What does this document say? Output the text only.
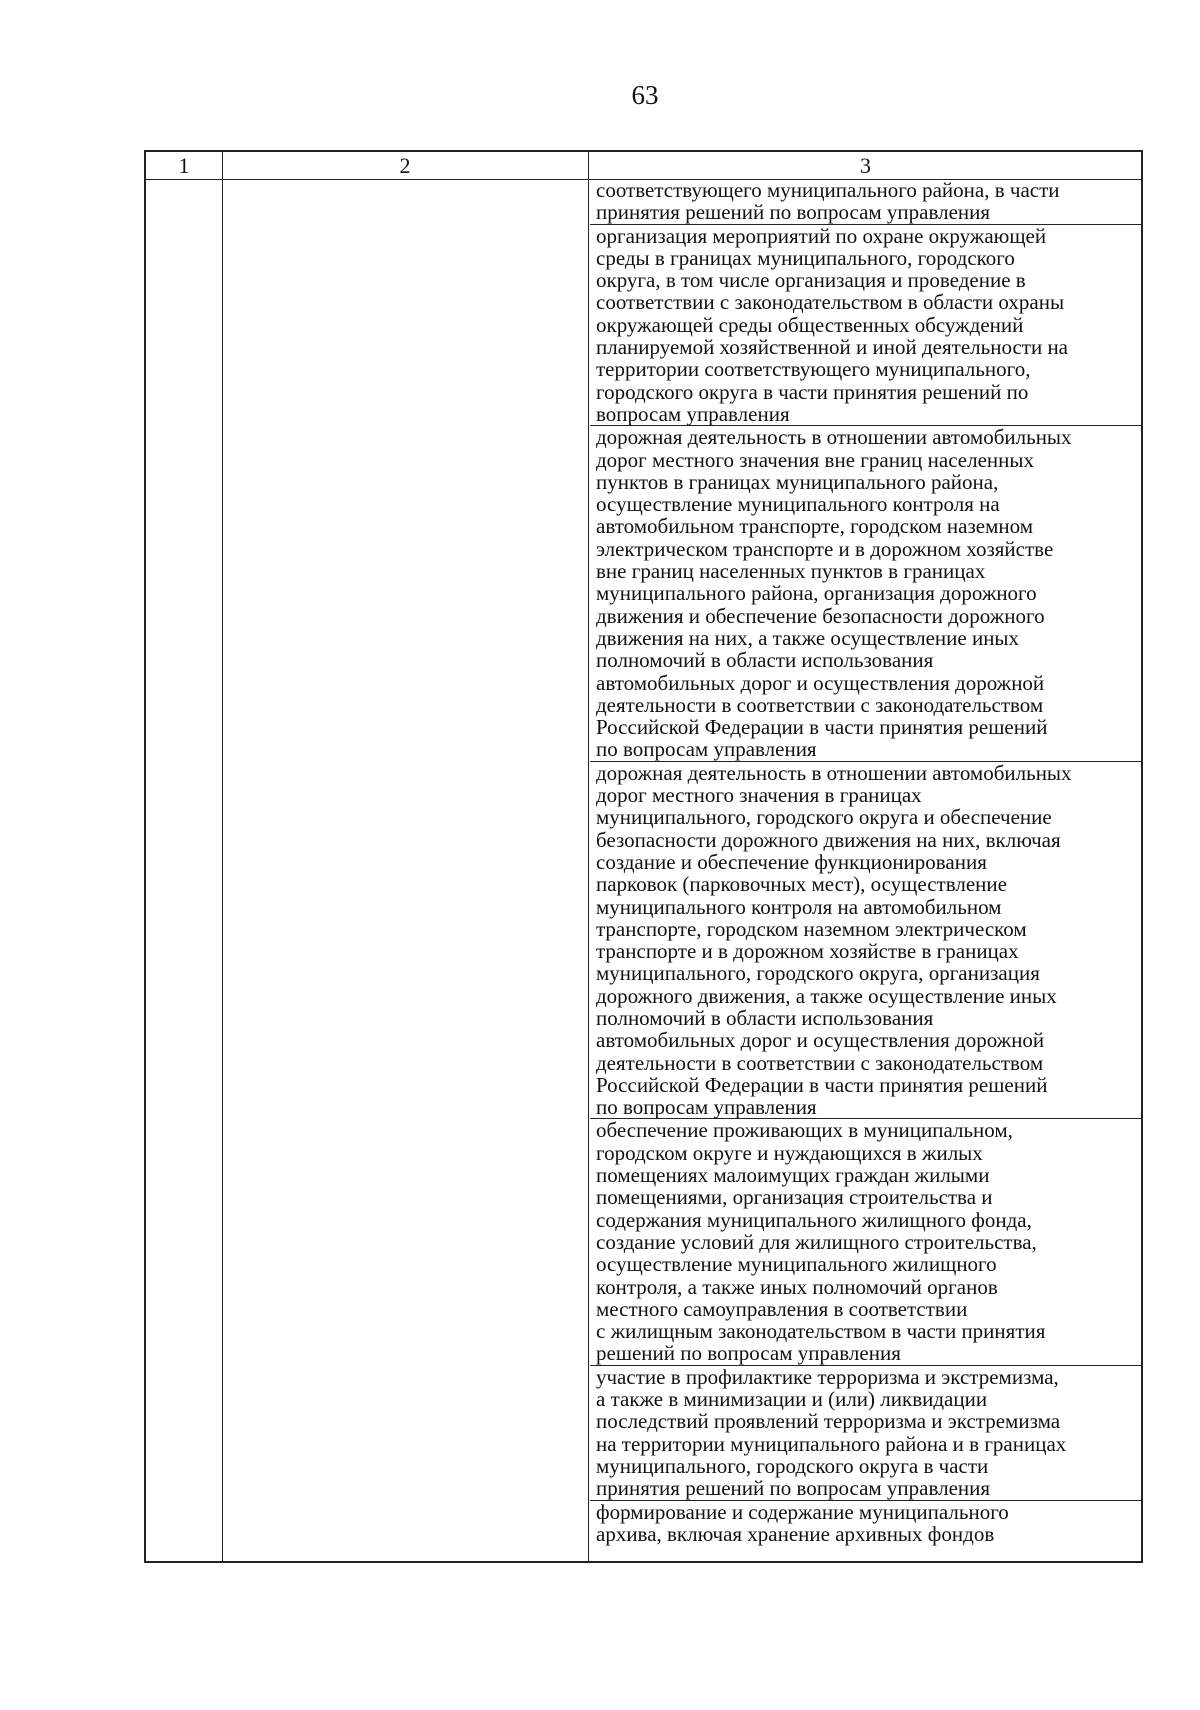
63
1	2	3
соответствующего муниципального района, в части
принятия решений по вопросам управления
организация мероприятий по охране окружающей
среды в границах муниципального, городского
округа, в том числе организация и проведение в
соответствии с законодательством в области охраны
окружающей среды общественных обсуждений
планируемой хозяйственной и иной деятельности на
территории соответствующего муниципального,
городского округа в части принятия решений по
вопросам управления
дорожная деятельность в отношении автомобильных
дорог местного значения вне границ населенных
пунктов в границах муниципального района,
осуществление муниципального контроля на
автомобильном транспорте, городском наземном
электрическом транспорте и в дорожном хозяйстве
вне границ населенных пунктов в границах
муниципального района, организация дорожного
движения и обеспечение безопасности дорожного
движения на них, а также осуществление иных
полномочий в области использования
автомобильных дорог и осуществления дорожной
деятельности в соответствии с законодательством
Российской Федерации в части принятия решений
по вопросам управления
дорожная деятельность в отношении автомобильных
дорог местного значения в границах
муниципального, городского округа и обеспечение
безопасности дорожного движения на них, включая
создание и обеспечение функционирования
парковок (парковочных мест), осуществление
муниципального контроля на автомобильном
транспорте, городском наземном электрическом
транспорте и в дорожном хозяйстве в границах
муниципального, городского округа, организация
дорожного движения, а также осуществление иных
полномочий в области использования
автомобильных дорог и осуществления дорожной
деятельности в соответствии с законодательством
Российской Федерации в части принятия решений
по вопросам управления
обеспечение проживающих в муниципальном,
городском округе и нуждающихся в жилых
помещениях малоимущих граждан жилыми
помещениями, организация строительства и
содержания муниципального жилищного фонда,
создание условий для жилищного строительства,
осуществление муниципального жилищного
контроля, а также иных полномочий органов
местного самоуправления в соответствии
с жилищным законодательством в части принятия
решений по вопросам управления
участие в профилактике терроризма и экстремизма,
а также в минимизации и (или) ликвидации
последствий проявлений терроризма и экстремизма
на территории муниципального района и в границах
муниципального, городского округа в части
принятия решений по вопросам управления
формирование и содержание муниципального
архива, включая хранение архивных фондов
